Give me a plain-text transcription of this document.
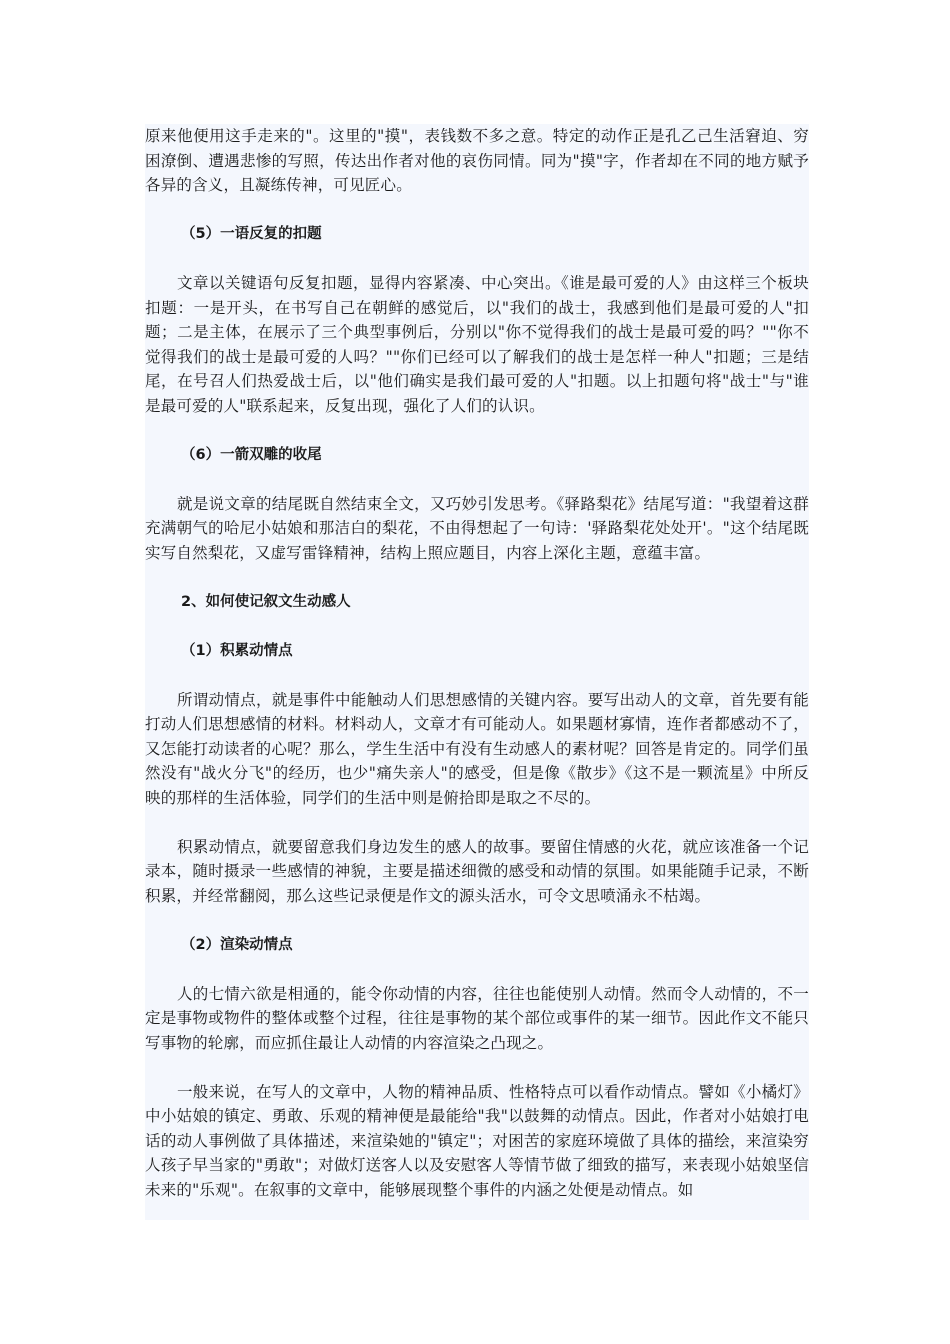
原来他便用这手走来的"。这里的"摸"，表钱数不多之意。特定的动作正是孔乙己生活窘迫、穷困潦倒、遭遇悲惨的写照，传达出作者对他的哀伤同情。同为"摸"字，作者却在不同的地方赋予各异的含义，且凝练传神，可见匠心。

（5）一语反复的扣题

文章以关键语句反复扣题，显得内容紧凑、中心突出。《谁是最可爱的人》由这样三个板块扣题：一是开头，在书写自己在朝鲜的感觉后，以"我们的战士，我感到他们是最可爱的人"扣题；二是主体，在展示了三个典型事例后，分别以"你不觉得我们的战士是最可爱的吗？""你不觉得我们的战士是最可爱的人吗？""你们已经可以了解我们的战士是怎样一种人"扣题；三是结尾，在号召人们热爱战士后，以"他们确实是我们最可爱的人"扣题。以上扣题句将"战士"与"谁是最可爱的人"联系起来，反复出现，强化了人们的认识。

（6）一箭双雕的收尾

就是说文章的结尾既自然结束全文，又巧妙引发思考。《驿路梨花》结尾写道："我望着这群充满朝气的哈尼小姑娘和那洁白的梨花，不由得想起了一句诗：'驿路梨花处处开'。"这个结尾既实写自然梨花，又虚写雷锋精神，结构上照应题目，内容上深化主题，意蕴丰富。

2、如何使记叙文生动感人

（1）积累动情点

所谓动情点，就是事件中能触动人们思想感情的关键内容。要写出动人的文章，首先要有能打动人们思想感情的材料。材料动人，文章才有可能动人。如果题材寡情，连作者都感动不了，又怎能打动读者的心呢？那么，学生生活中有没有生动感人的素材呢？回答是肯定的。同学们虽然没有"战火分飞"的经历，也少"痛失亲人"的感受，但是像《散步》《这不是一颗流星》中所反映的那样的生活体验，同学们的生活中则是俯拾即是取之不尽的。

积累动情点，就要留意我们身边发生的感人的故事。要留住情感的火花，就应该准备一个记录本，随时摄录一些感情的神貌，主要是描述细微的感受和动情的氛围。如果能随手记录，不断积累，并经常翻阅，那么这些记录便是作文的源头活水，可令文思喷涌永不枯竭。

（2）渲染动情点

人的七情六欲是相通的，能令你动情的内容，往往也能使别人动情。然而令人动情的，不一定是事物或物件的整体或整个过程，往往是事物的某个部位或事件的某一细节。因此作文不能只写事物的轮廓，而应抓住最让人动情的内容渲染之凸现之。

一般来说，在写人的文章中，人物的精神品质、性格特点可以看作动情点。譬如《小橘灯》中小姑娘的镇定、勇敢、乐观的精神便是最能给"我"以鼓舞的动情点。因此，作者对小姑娘打电话的动人事例做了具体描述，来渲染她的"镇定"；对困苦的家庭环境做了具体的描绘，来渲染穷人孩子早当家的"勇敢"；对做灯送客人以及安慰客人等情节做了细致的描写，来表现小姑娘坚信未来的"乐观"。在叙事的文章中，能够展现整个事件的内涵之处便是动情点。如
